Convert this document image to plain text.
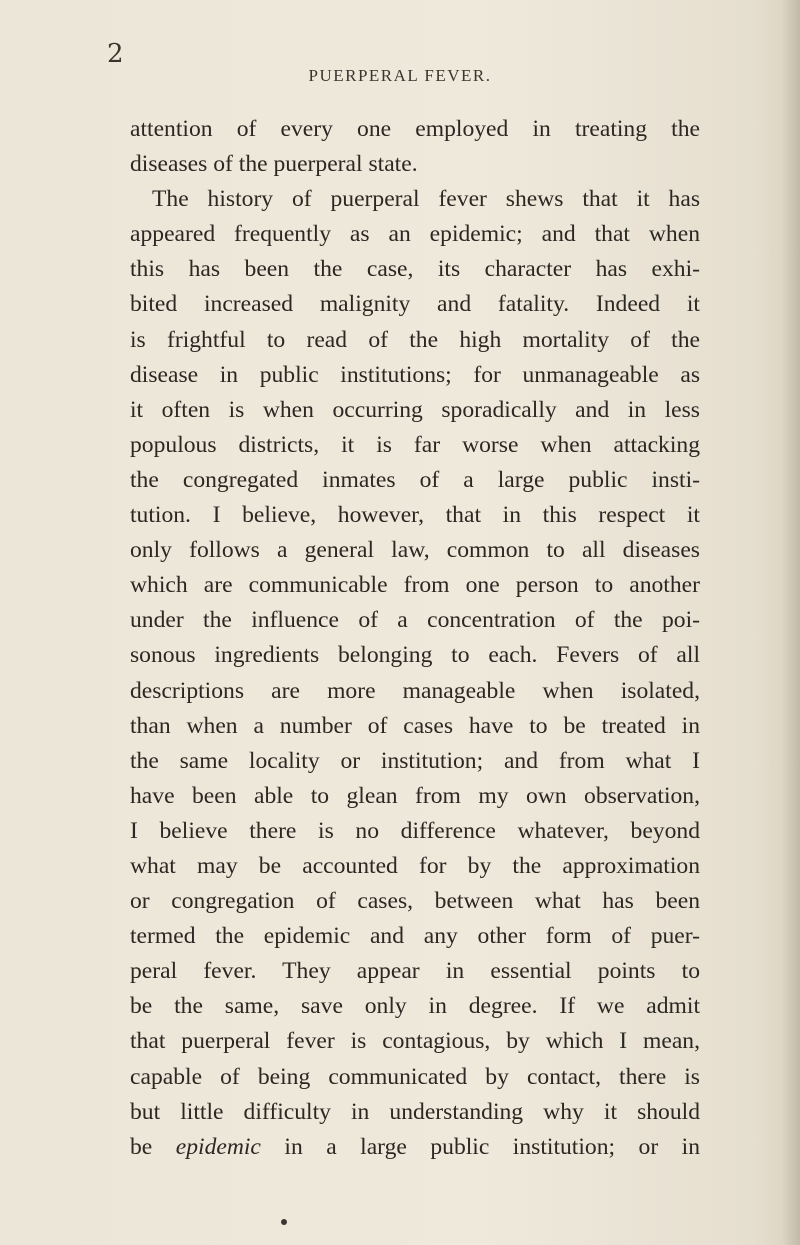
2
PUERPERAL FEVER.
attention of every one employed in treating the
diseases of the puerperal state.
The history of puerperal fever shews that it has
appeared frequently as an epidemic; and that when
this has been the case, its character has exhi-
bited increased malignity and fatality. Indeed it
is frightful to read of the high mortality of the
disease in public institutions; for unmanageable as
it often is when occurring sporadically and in less
populous districts, it is far worse when attacking
the congregated inmates of a large public insti-
tution. I believe, however, that in this respect it
only follows a general law, common to all diseases
which are communicable from one person to another
under the influence of a concentration of the poi-
sonous ingredients belonging to each. Fevers of all
descriptions are more manageable when isolated,
than when a number of cases have to be treated in
the same locality or institution; and from what I
have been able to glean from my own observation,
I believe there is no difference whatever, beyond
what may be accounted for by the approximation
or congregation of cases, between what has been
termed the epidemic and any other form of puer-
peral fever. They appear in essential points to
be the same, save only in degree. If we admit
that puerperal fever is contagious, by which I mean,
capable of being communicated by contact, there is
but little difficulty in understanding why it should
be epidemic in a large public institution; or in
